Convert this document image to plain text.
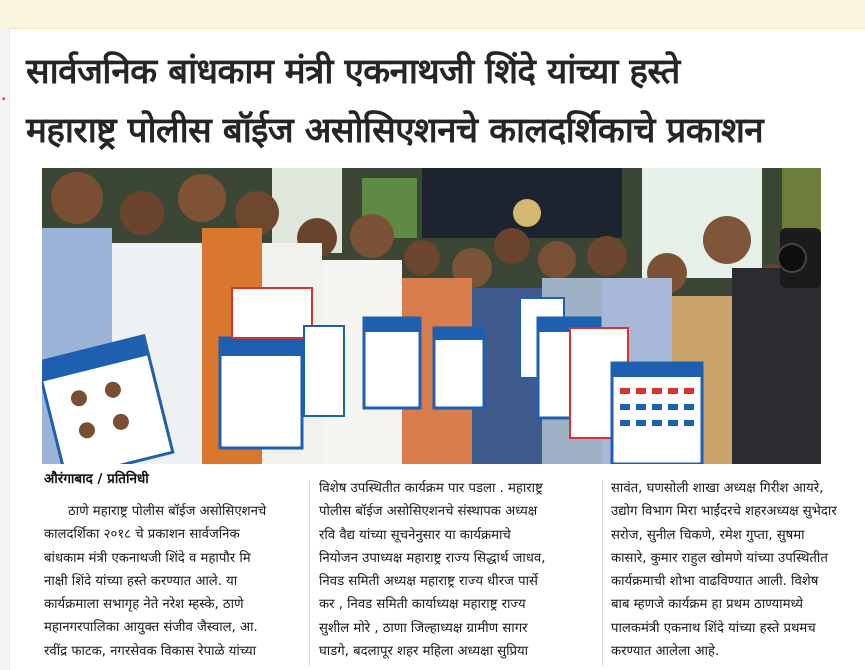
•
सार्वजनिक बांधकाम मंत्री एकनाथजी शिंदे यांच्या हस्ते
महाराष्ट्र पोलीस बॉईज असोसिएशनचे कालदर्शिकाचे प्रकाशन
औरंगाबाद / प्रतिनिधी
ठाणे महाराष्ट्र पोलीस बॉईज असोसिएशनचे
कालदर्शिका २०१८ चे प्रकाशन सार्वजनिक
बांधकाम मंत्री एकनाथजी शिंदे व महापौर मि
नाक्षी शिंदे यांच्या हस्ते करण्यात आले. या
कार्यक्रमाला सभागृह नेते नरेश म्हस्के, ठाणे
महानगरपालिका आयुक्त संजीव जैस्वाल, आ.
रवींद्र फाटक, नगरसेवक विकास रेपाळे यांच्या
विशेष उपस्थितीत कार्यक्रम पार पडला . महाराष्ट्र
पोलीस बॉईज असोसिएशनचे संस्थापक अध्यक्ष
रवि वैद्य यांच्या सूचनेनुसार या कार्यक्रमाचे
नियोजन उपाध्यक्ष महाराष्ट्र राज्य सिद्धार्थ जाधव,
निवड समिती अध्यक्ष महाराष्ट्र राज्य धीरज पार्से
कर , निवड समिती कार्याध्यक्ष महाराष्ट्र राज्य
सुशील मोरे , ठाणा जिल्हाध्यक्ष ग्रामीण सागर
घाडगे, बदलापूर शहर महिला अध्यक्षा सुप्रिया
सावंत, घणसोली शाखा अध्यक्ष गिरीश आयरे,
उद्योग विभाग मिरा भाईंदरचे शहरअध्यक्ष सुभेदार
सरोज, सुनील चिकणे, रमेश गुप्ता, सुषमा
कासारे, कुमार राहुल खोमणे यांच्या उपस्थितीत
कार्यक्रमाची शोभा वाढविण्यात आली. विशेष
बाब म्हणजे कार्यक्रम हा प्रथम ठाण्यामध्ये
पालकमंत्री एकनाथ शिंदे यांच्या हस्ते प्रथमच
करण्यात आलेला आहे.
